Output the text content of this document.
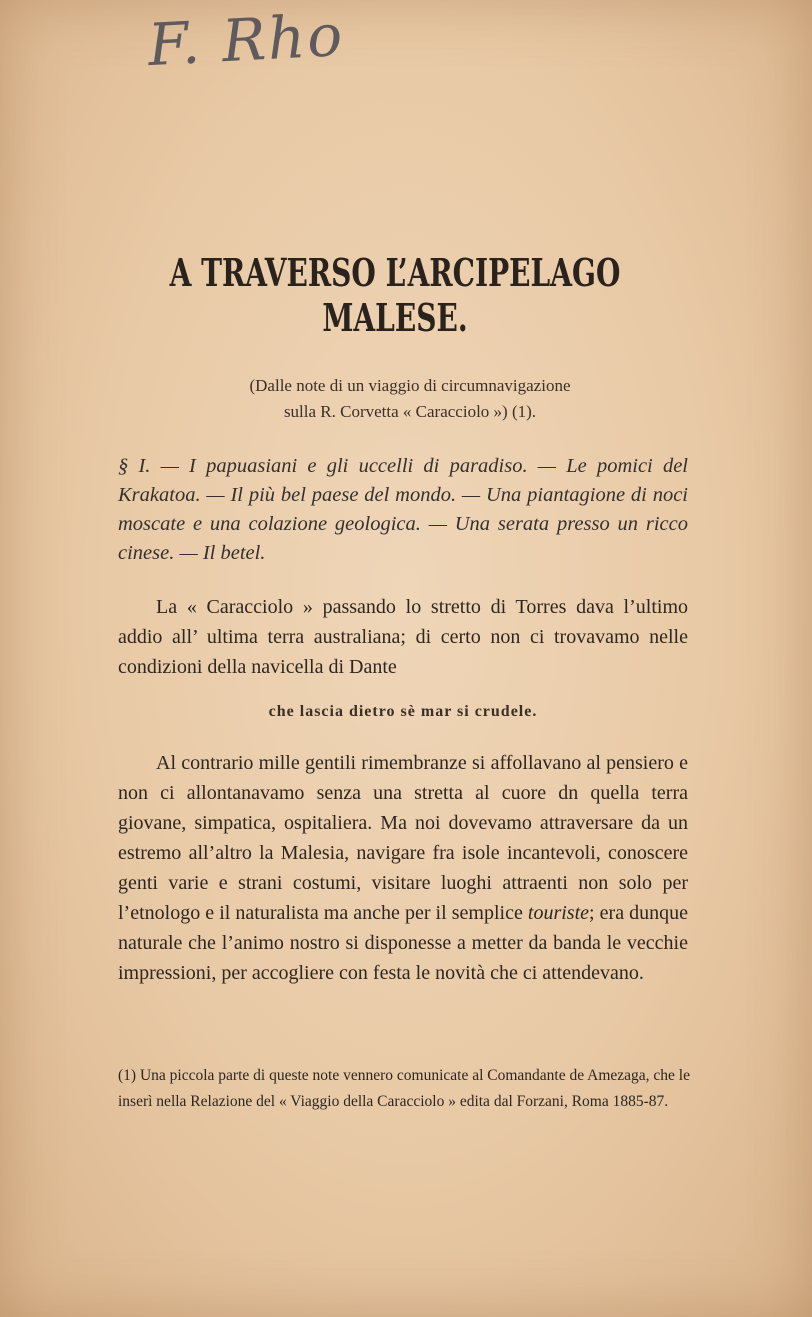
F. Rho
A TRAVERSO L’ARCIPELAGO MALESE.
(Dalle note di un viaggio di circumnavigazione
sulla R. Corvetta « Caracciolo ») (1).
§ I. — I papuasiani e gli uccelli di paradiso. — Le pomici del Krakatoa. — Il più bel paese del mondo. — Una piantagione di noci moscate e una colazione geologica. — Una serata presso un ricco cinese. — Il betel.
La « Caracciolo » passando lo stretto di Torres dava l’ultimo addio all’ ultima terra australiana; di certo non ci trovavamo nelle condizioni della navicella di Dante
che lascia dietro sè mar si crudele.
Al contrario mille gentili rimembranze si affollavano al pensiero e non ci allontanavamo senza una stretta al cuore dn quella terra giovane, simpatica, ospitaliera. Ma noi dovevamo attraversare da un estremo all’altro la Malesia, navigare fra isole incantevoli, conoscere genti varie e strani costumi, visitare luoghi attraenti non solo per l’etnologo e il naturalista ma anche per il semplice touriste; era dunque naturale che l’animo nostro si disponesse a metter da banda le vecchie impressioni, per accogliere con festa le novità che ci attendevano.
(1) Una piccola parte di queste note vennero comunicate al Comandante de Amezaga, che le inserì nella Relazione del « Viaggio della Caracciolo » edita dal Forzani, Roma 1885-87.
